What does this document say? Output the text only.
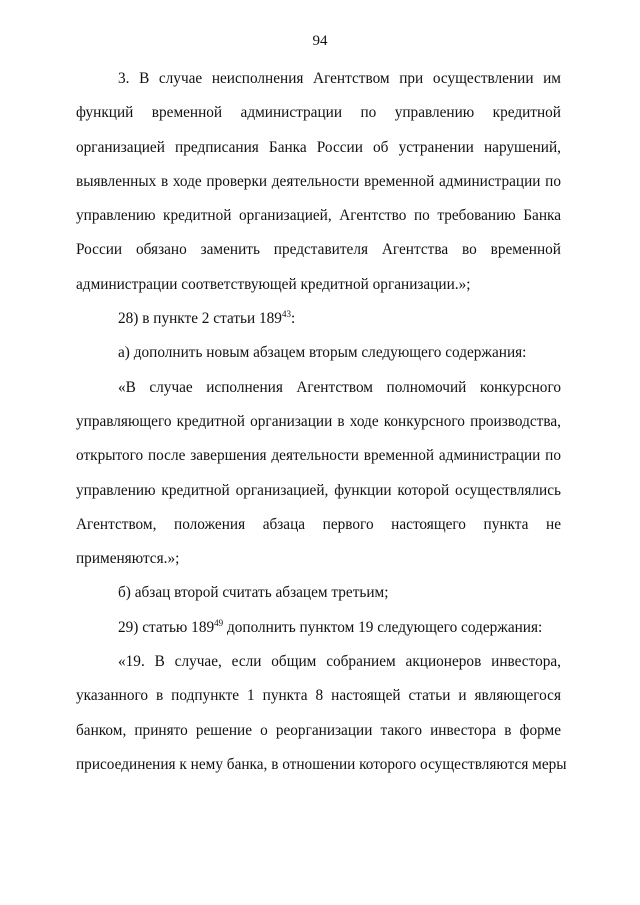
94
3. В случае неисполнения Агентством при осуществлении им
функций временной администрации по управлению кредитной
организацией предписания Банка России об устранении нарушений,
выявленных в ходе проверки деятельности временной администрации по
управлению кредитной организацией, Агентство по требованию Банка
России обязано заменить представителя Агентства во временной
администрации соответствующей кредитной организации.»;
28) в пункте 2 статьи $189^{43}$:
а) дополнить новым абзацем вторым следующего содержания:
«В случае исполнения Агентством полномочий конкурсного
управляющего кредитной организации в ходе конкурсного производства,
открытого после завершения деятельности временной администрации по
управлению кредитной организацией, функции которой осуществлялись
Агентством, положения абзаца первого настоящего пункта не
применяются.»;
б) абзац второй считать абзацем третьим;
29) статью $189^{49}$ дополнить пунктом 19 следующего содержания:
«19. В случае, если общим собранием акционеров инвестора,
указанного в подпункте 1 пункта 8 настоящей статьи и являющегося
банком, принято решение о реорганизации такого инвестора в форме
присоединения к нему банка, в отношении которого осуществляются меры
